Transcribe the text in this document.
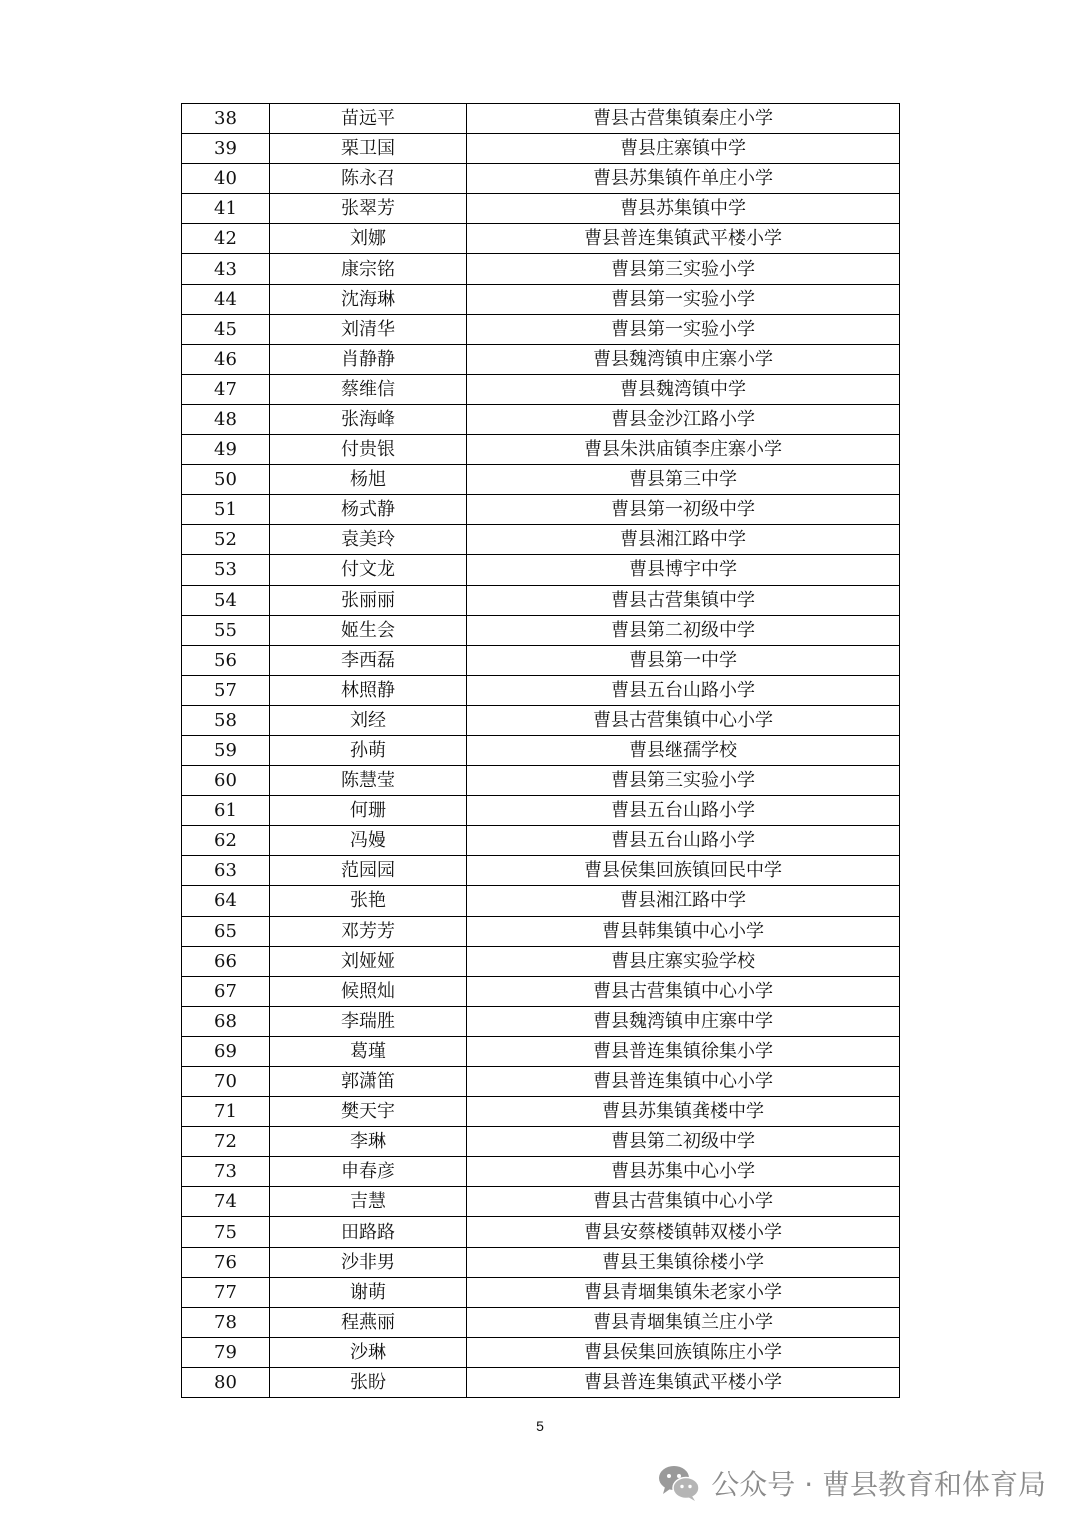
38	苗远平	曹县古营集镇秦庄小学
39	栗卫国	曹县庄寨镇中学
40	陈永召	曹县苏集镇仵单庄小学
41	张翠芳	曹县苏集镇中学
42	刘娜	曹县普连集镇武平楼小学
43	康宗铭	曹县第三实验小学
44	沈海琳	曹县第一实验小学
45	刘清华	曹县第一实验小学
46	肖静静	曹县魏湾镇申庄寨小学
47	蔡维信	曹县魏湾镇中学
48	张海峰	曹县金沙江路小学
49	付贵银	曹县朱洪庙镇李庄寨小学
50	杨旭	曹县第三中学
51	杨式静	曹县第一初级中学
52	袁美玲	曹县湘江路中学
53	付文龙	曹县博宇中学
54	张丽丽	曹县古营集镇中学
55	姬生会	曹县第二初级中学
56	李西磊	曹县第一中学
57	林照静	曹县五台山路小学
58	刘经	曹县古营集镇中心小学
59	孙萌	曹县继孺学校
60	陈慧莹	曹县第三实验小学
61	何珊	曹县五台山路小学
62	冯嫚	曹县五台山路小学
63	范园园	曹县侯集回族镇回民中学
64	张艳	曹县湘江路中学
65	邓芳芳	曹县韩集镇中心小学
66	刘娅娅	曹县庄寨实验学校
67	候照灿	曹县古营集镇中心小学
68	李瑞胜	曹县魏湾镇申庄寨中学
69	葛瑾	曹县普连集镇徐集小学
70	郭潇笛	曹县普连集镇中心小学
71	樊天宇	曹县苏集镇龚楼中学
72	李琳	曹县第二初级中学
73	申春彦	曹县苏集中心小学
74	吉慧	曹县古营集镇中心小学
75	田路路	曹县安蔡楼镇韩双楼小学
76	沙非男	曹县王集镇徐楼小学
77	谢萌	曹县青堌集镇朱老家小学
78	程燕丽	曹县青堌集镇兰庄小学
79	沙琳	曹县侯集回族镇陈庄小学
80	张盼	曹县普连集镇武平楼小学
5
公众号 · 曹县教育和体育局
